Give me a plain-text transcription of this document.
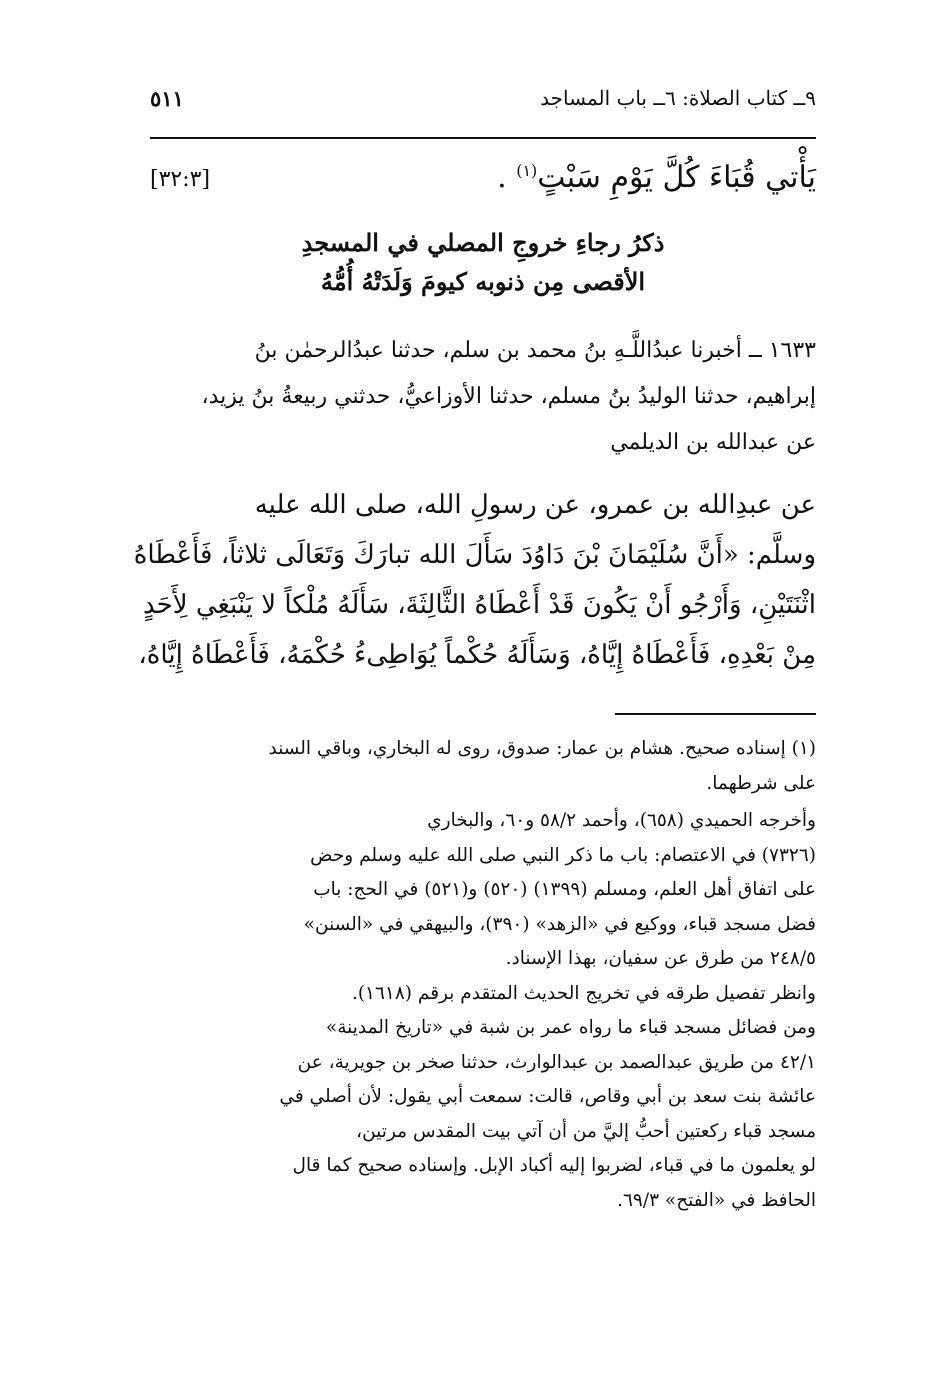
٩ــ كتاب الصلاة: ٦ــ باب المساجد
٥١١
يَأْتي قُبَاءَ كُلَّ يَوْمِ سَبْتٍ$^{(١)}$ .
[٣٢:٣]
ذكرُ رجاءِ خروجِ المصلي في المسجدِ
الأقصى مِن ذنوبه كيومَ وَلَدَتْهُ أُمُّهُ
١٦٣٣ ــ أخبرنا عبدُاللَّـهِ بنُ محمد بن سلم، حدثنا عبدُالرحمٰن بنُ
إبراهيم، حدثنا الوليدُ بنُ مسلم، حدثنا الأوزاعيُّ، حدثني ربيعةُ بنُ يزيد،
عن عبدالله بن الديلمي
عن عبدِالله بن عمرو، عن رسولِ الله، صلى الله عليه
وسلَّم: «أَنَّ سُلَيْمَانَ بْنَ دَاوُدَ سَأَلَ الله تبارَكَ وَتَعَالَى ثلاثاً، فَأَعْطَاهُ
اثْنَتَيْنِ، وَأَرْجُو أَنْ يَكُونَ قَدْ أَعْطَاهُ الثَّالِثَةَ، سَأَلَهُ مُلْكاً لا يَنْبَغِي لِأَحَدٍ
مِنْ بَعْدِهِ، فَأَعْطَاهُ إِيَّاهُ، وَسَأَلَهُ حُكْماً يُوَاطِىءُ حُكْمَهُ، فَأَعْطَاهُ إِيَّاهُ،
(١) إسناده صحيح. هشام بن عمار: صدوق، روى له البخاري، وباقي السند
على شرطهما.
وأخرجه الحميدي (٦٥٨)، وأحمد ٥٨/٢ و٦٠، والبخاري
(٧٣٢٦) في الاعتصام: باب ما ذكر النبي صلى الله عليه وسلم وحض
على اتفاق أهل العلم، ومسلم (١٣٩٩) (٥٢٠) و(٥٢١) في الحج: باب
فضل مسجد قباء، ووكيع في «الزهد» (٣٩٠)، والبيهقي في «السنن»
٢٤٨/٥ من طرق عن سفيان، بهذا الإسناد.
وانظر تفصيل طرقه في تخريج الحديث المتقدم برقم (١٦١٨).
ومن فضائل مسجد قباء ما رواه عمر بن شبة في «تاريخ المدينة»
٤٢/١ من طريق عبدالصمد بن عبدالوارث، حدثنا صخر بن جويرية، عن
عائشة بنت سعد بن أبي وقاص، قالت: سمعت أبي يقول: لأن أصلي في
مسجد قباء ركعتين أحبُّ إليَّ من أن آتي بيت المقدس مرتين،
لو يعلمون ما في قباء، لضربوا إليه أكباد الإبل. وإسناده صحيح كما قال
الحافظ في «الفتح» ٦٩/٣.
